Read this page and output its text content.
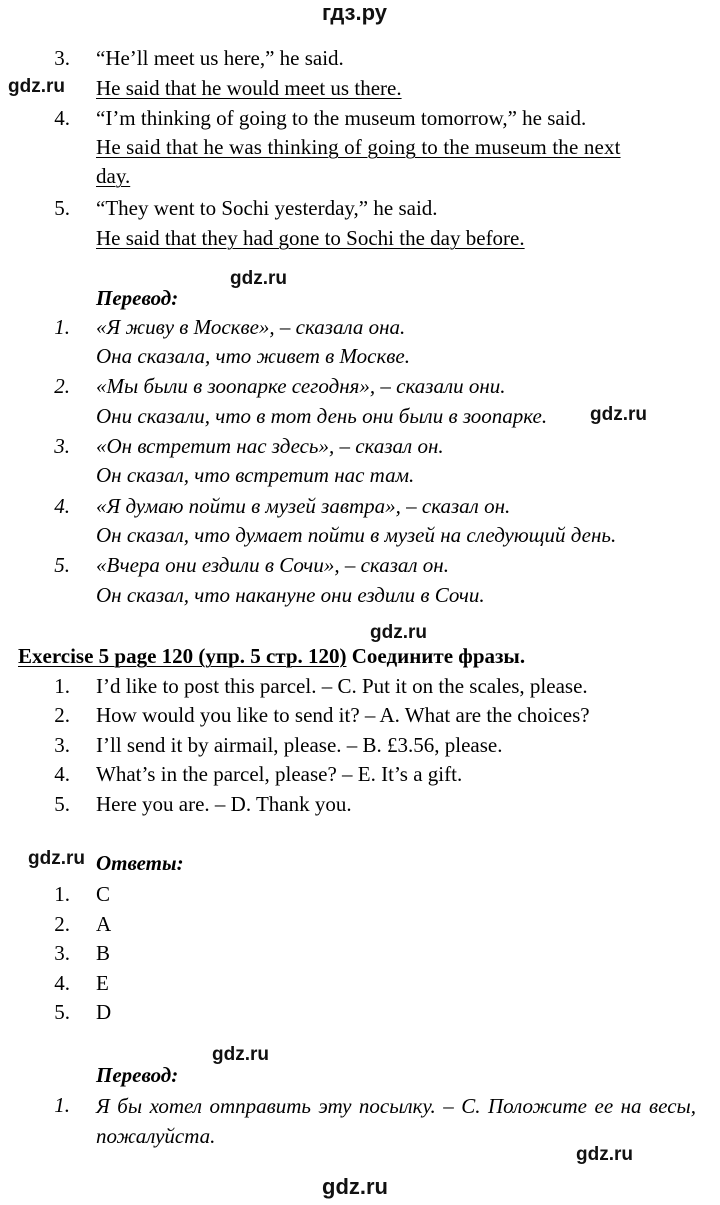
гдз.ру
3. “He’ll meet us here,” he said.
gdz.ru He said that he would meet us there.
4. “I’m thinking of going to the museum tomorrow,” he said.
He said that he was thinking of going to the museum the next
day.
5. “They went to Sochi yesterday,” he said.
He said that they had gone to Sochi the day before.
gdz.ru
Перевод:
1. «Я живу в Москве», – сказала она.
Она сказала, что живет в Москве.
2. «Мы были в зоопарке сегодня», – сказали они.
Они сказали, что в тот день они были в зоопарке. gdz.ru
3. «Он встретит нас здесь», – сказал он.
Он сказал, что встретит нас там.
4. «Я думаю пойти в музей завтра», – сказал он.
Он сказал, что думает пойти в музей на следующий день.
5. «Вчера они ездили в Сочи», – сказал он.
Он сказал, что накануне они ездили в Сочи.
gdz.ru
Exercise 5 page 120 (упр. 5 стр. 120) Соедините фразы.
1. I’d like to post this parcel. – C. Put it on the scales, please.
2. How would you like to send it? – A. What are the choices?
3. I’ll send it by airmail, please. – B. £3.56, please.
4. What’s in the parcel, please? – E. It’s a gift.
5. Here you are. – D. Thank you.
gdz.ru Ответы:
1. C
2. A
3. B
4. E
5. D
gdz.ru
Перевод:
1. Я бы хотел отправить эту посылку. – C. Положите ее на весы, пожалуйста.
gdz.ru
gdz.ru
